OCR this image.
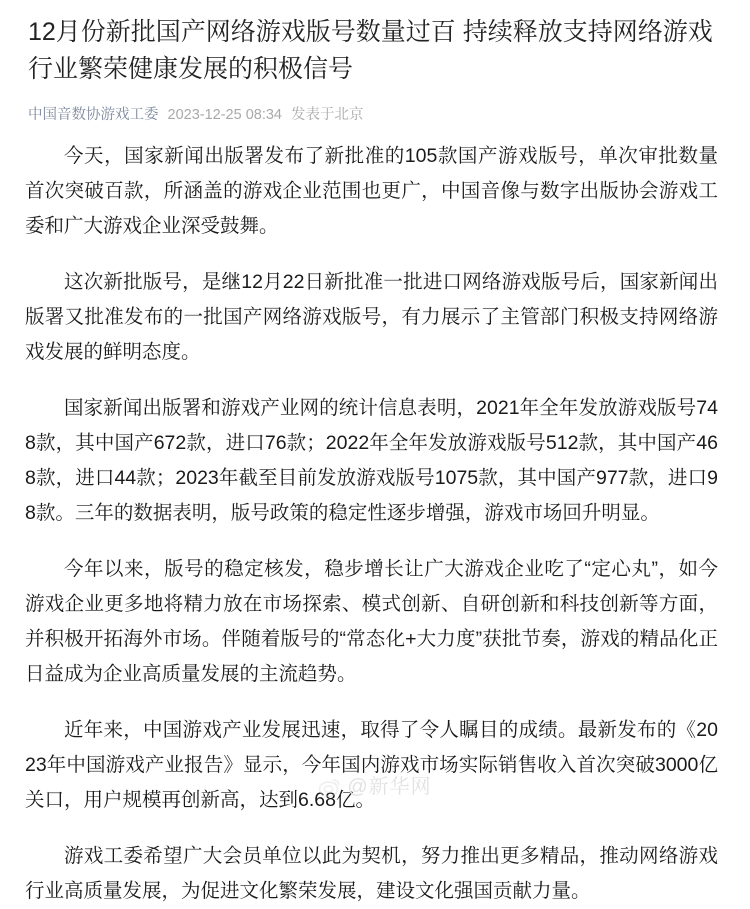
12月份新批国产网络游戏版号数量过百 持续释放支持网络游戏行业繁荣健康发展的积极信号
中国音数协游戏工委 2023-12-25 08:34 发表于北京

今天，国家新闻出版署发布了新批准的105款国产游戏版号，单次审批数量首次突破百款，所涵盖的游戏企业范围也更广，中国音像与数字出版协会游戏工委和广大游戏企业深受鼓舞。

这次新批版号，是继12月22日新批准一批进口网络游戏版号后，国家新闻出版署又批准发布的一批国产网络游戏版号，有力展示了主管部门积极支持网络游戏发展的鲜明态度。

国家新闻出版署和游戏产业网的统计信息表明，2021年全年发放游戏版号748款，其中国产672款，进口76款；2022年全年发放游戏版号512款，其中国产468款，进口44款；2023年截至目前发放游戏版号1075款，其中国产977款，进口98款。三年的数据表明，版号政策的稳定性逐步增强，游戏市场回升明显。

今年以来，版号的稳定核发，稳步增长让广大游戏企业吃了“定心丸”，如今游戏企业更多地将精力放在市场探索、模式创新、自研创新和科技创新等方面，并积极开拓海外市场。伴随着版号的“常态化+大力度”获批节奏，游戏的精品化正日益成为企业高质量发展的主流趋势。

近年来，中国游戏产业发展迅速，取得了令人瞩目的成绩。最新发布的《2023年中国游戏产业报告》显示，今年国内游戏市场实际销售收入首次突破3000亿关口，用户规模再创新高，达到6.68亿。

游戏工委希望广大会员单位以此为契机，努力推出更多精品，推动网络游戏行业高质量发展，为促进文化繁荣发展，建设文化强国贡献力量。

@新华网
